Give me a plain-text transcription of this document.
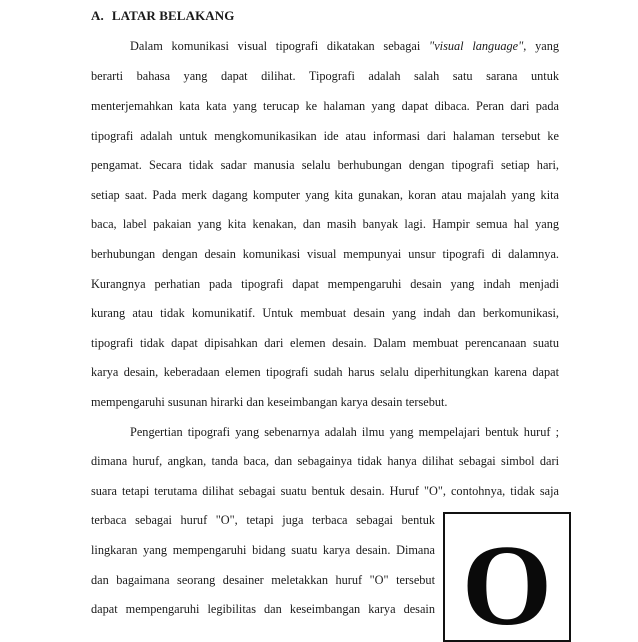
A. LATAR BELAKANG
Dalam komunikasi visual tipografi dikatakan sebagai "visual language", yang
berarti bahasa yang dapat dilihat. Tipografi adalah salah satu sarana untuk
menterjemahkan kata kata yang terucap ke halaman yang dapat dibaca. Peran dari pada
tipografi adalah untuk mengkomunikasikan ide atau informasi dari halaman tersebut ke
pengamat. Secara tidak sadar manusia selalu berhubungan dengan tipografi setiap hari,
setiap saat. Pada merk dagang komputer yang kita gunakan, koran atau majalah yang kita
baca, label pakaian yang kita kenakan, dan masih banyak lagi. Hampir semua hal yang
berhubungan dengan desain komunikasi visual mempunyai unsur tipografi di dalamnya.
Kurangnya perhatian pada tipografi dapat mempengaruhi desain yang indah menjadi
kurang atau tidak komunikatif. Untuk membuat desain yang indah dan berkomunikasi,
tipografi tidak dapat dipisahkan dari elemen desain. Dalam membuat perencanaan suatu
karya desain, keberadaan elemen tipografi sudah harus selalu diperhitungkan karena dapat
mempengaruhi susunan hirarki dan keseimbangan karya desain tersebut.
Pengertian tipografi yang sebenarnya adalah ilmu yang mempelajari bentuk huruf ;
dimana huruf, angkan, tanda baca, dan sebagainya tidak hanya dilihat sebagai simbol dari
suara tetapi terutama dilihat sebagai suatu bentuk desain. Huruf "O", contohnya, tidak saja
terbaca sebagai huruf "O", tetapi juga terbaca sebagai bentuk
lingkaran yang mempengaruhi bidang suatu karya desain. Dimana
dan bagaimana seorang desainer meletakkan huruf "O" tersebut
dapat mempengaruhi legibilitas dan keseimbangan karya desain O
